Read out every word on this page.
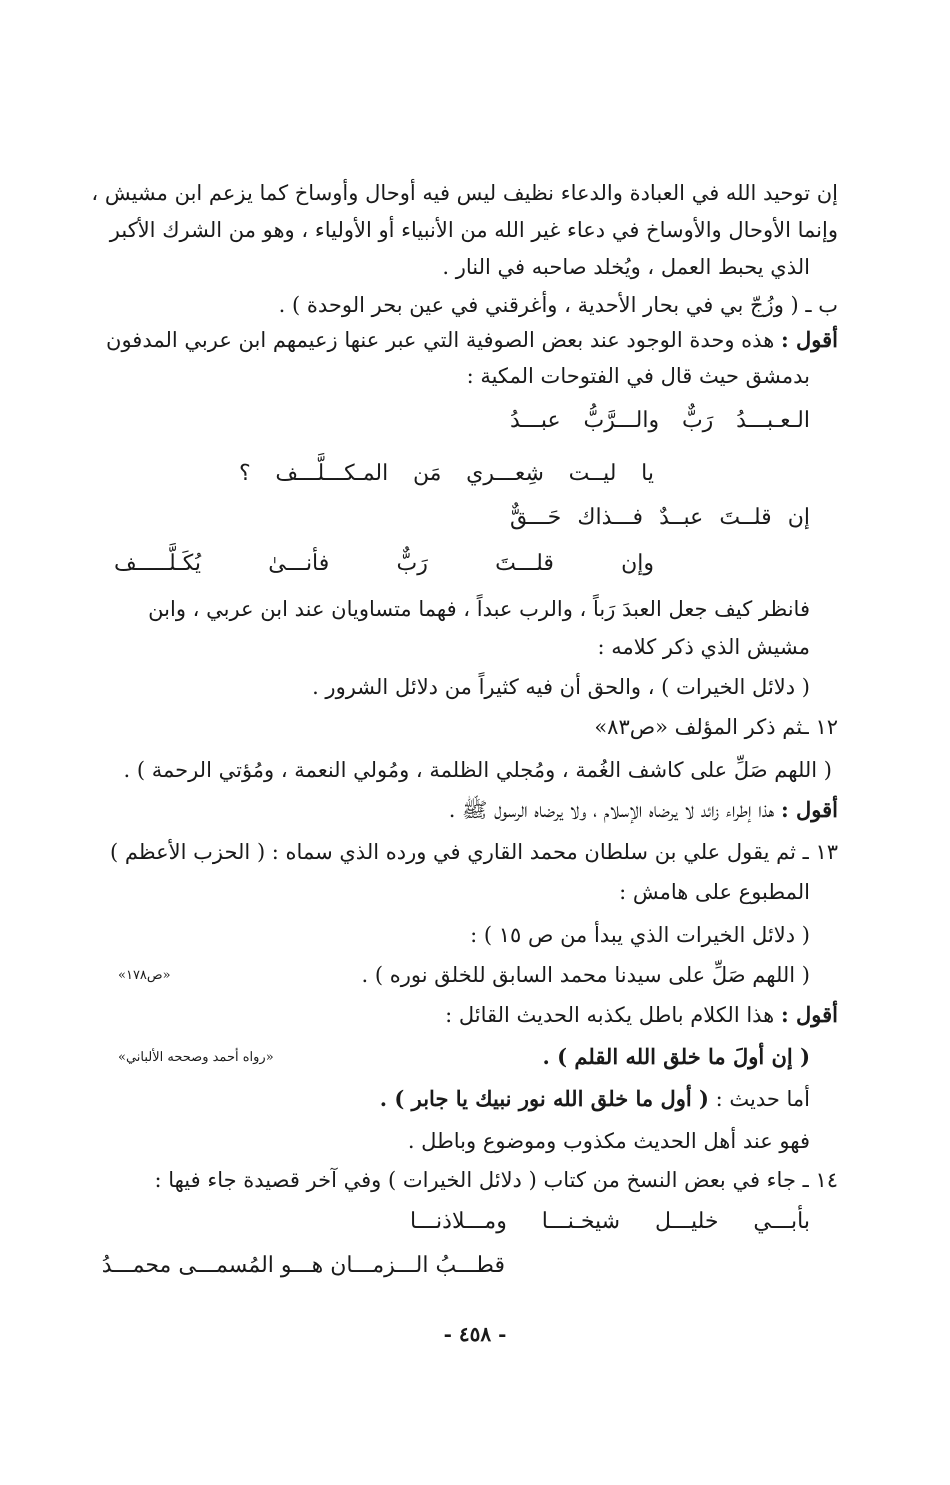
إن توحيد الله في العبادة والدعاء نظيف ليس فيه أوحال وأوساخ كما يزعم ابن مشيش ،
وإنما الأوحال والأوساخ في دعاء غير الله من الأنبياء أو الأولياء ، وهو من الشرك الأكبر
الذي يحبط العمل ، ويُخلد صاحبه في النار .
ب ـ ( وزُجّ بي في بحار الأحدية ، وأغرقني في عين بحر الوحدة ) .
أقول : هذه وحدة الوجود عند بعض الصوفية التي عبر عنها زعيمهم ابن عربي المدفون
بدمشق حيث قال في الفتوحات المكية :
الـعـبـــدُ رَبٌّ والـــرَّبُّ عبـــدُ
يا ليــت شِعـــري مَن المـكـــلَّـــف ؟
إن قلــتَ عبــدٌ فـــذاك حَـــقٌّ
وإن قلـــتَ رَبٌّ فأنـــىٰ يُكَـلَّـــــف
فانظر كيف جعل العبدَ رَباً ، والرب عبداً ، فهما متساويان عند ابن عربي ، وابن
مشيش الذي ذكر كلامه :
( دلائل الخيرات ) ، والحق أن فيه كثيراً من دلائل الشرور .
١٢ ـثم ذكر المؤلف «ص٨٣»
( اللهم صَلِّ على كاشف الغُمة ، ومُجلي الظلمة ، ومُولي النعمة ، ومُؤتي الرحمة ) .
أقول : هذا إطراء زائد لا يرضاه الإسلام ، ولا يرضاه الرسول ﷺ .
١٣ ـ ثم يقول علي بن سلطان محمد القاري في ورده الذي سماه : ( الحزب الأعظم )
المطبوع على هامش :
( دلائل الخيرات الذي يبدأ من ص ١٥ ) :
( اللهم صَلِّ على سيدنا محمد السابق للخلق نوره ) .
«ص١٧٨»
أقول : هذا الكلام باطل يكذبه الحديث القائل :
( إن أولَ ما خلق الله القلم ) .
«رواه أحمد وصححه الألباني»
أما حديث : ( أول ما خلق الله نور نبيك يا جابر ) .
فهو عند أهل الحديث مكذوب وموضوع وباطل .
١٤ ـ جاء في بعض النسخ من كتاب ( دلائل الخيرات ) وفي آخر قصيدة جاء فيها :
بأبـــي خليـــل شيخـنـــا ومـــلاذنـــا
قطـــبُ الـــزمـــان هـــو المُسمـــى محمـــدُ
- ٤٥٨ -
